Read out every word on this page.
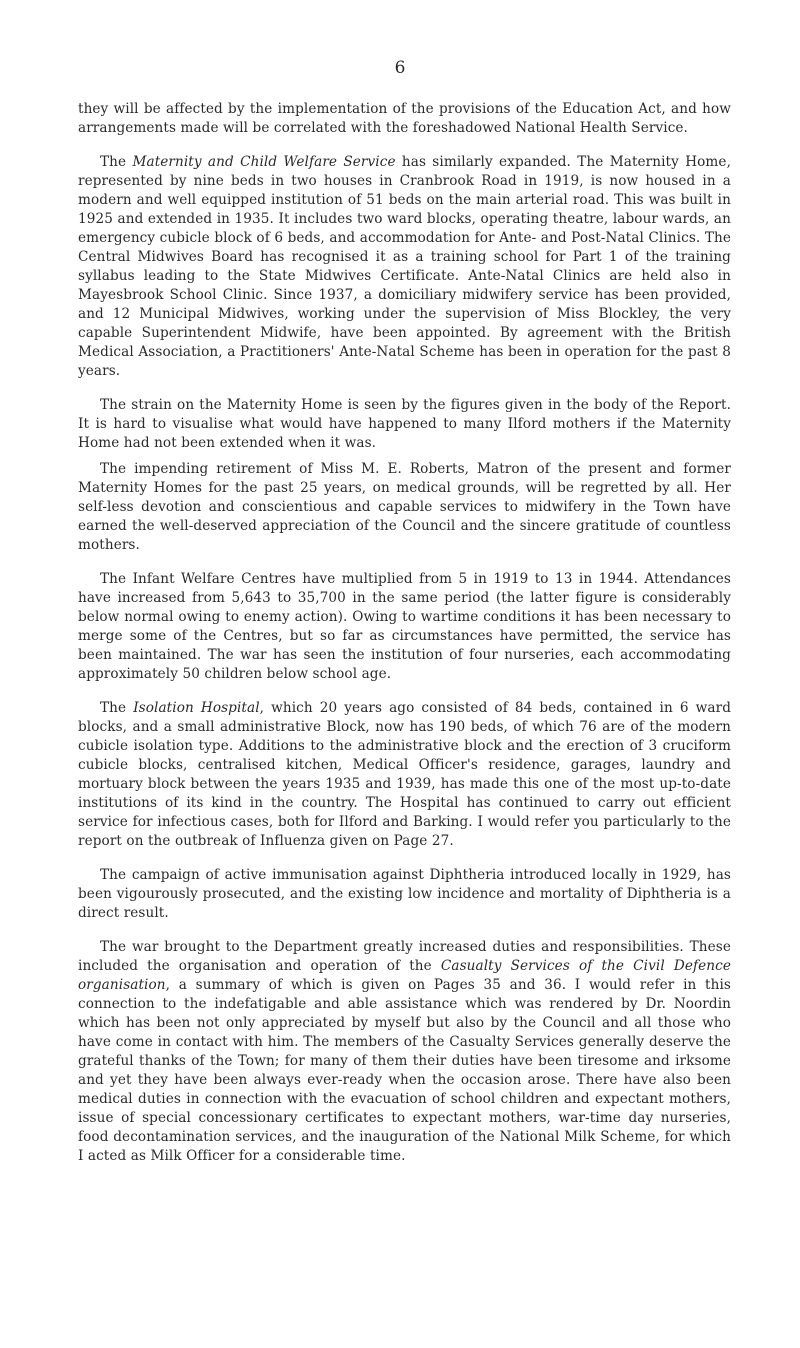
6

they will be affected by the implementation of the provisions of the Education Act, and how arrangements made will be correlated with the foreshadowed National Health Service.

The Maternity and Child Welfare Service has similarly expanded. The Maternity Home, represented by nine beds in two houses in Cranbrook Road in 1919, is now housed in a modern and well equipped institution of 51 beds on the main arterial road. This was built in 1925 and extended in 1935. It includes two ward blocks, operating theatre, labour wards, an emergency cubicle block of 6 beds, and accommodation for Ante- and Post-Natal Clinics. The Central Midwives Board has recognised it as a training school for Part 1 of the training syllabus leading to the State Midwives Certificate. Ante-Natal Clinics are held also in Mayesbrook School Clinic. Since 1937, a domiciliary midwifery service has been provided, and 12 Municipal Midwives, working under the supervision of Miss Blockley, the very capable Superintendent Midwife, have been appointed. By agreement with the British Medical Association, a Practitioners' Ante-Natal Scheme has been in operation for the past 8 years.

The strain on the Maternity Home is seen by the figures given in the body of the Report. It is hard to visualise what would have happened to many Ilford mothers if the Maternity Home had not been extended when it was.

The impending retirement of Miss M. E. Roberts, Matron of the present and former Maternity Homes for the past 25 years, on medical grounds, will be regretted by all. Her self-less devotion and conscientious and capable services to midwifery in the Town have earned the well-deserved appreciation of the Council and the sincere gratitude of countless mothers.

The Infant Welfare Centres have multiplied from 5 in 1919 to 13 in 1944. Attendances have increased from 5,643 to 35,700 in the same period (the latter figure is considerably below normal owing to enemy action). Owing to wartime conditions it has been necessary to merge some of the Centres, but so far as circumstances have permitted, the service has been maintained. The war has seen the institution of four nurseries, each accommodating approximately 50 children below school age.

The Isolation Hospital, which 20 years ago consisted of 84 beds, contained in 6 ward blocks, and a small administrative Block, now has 190 beds, of which 76 are of the modern cubicle isolation type. Additions to the administrative block and the erection of 3 cruciform cubicle blocks, centralised kitchen, Medical Officer's residence, garages, laundry and mortuary block between the years 1935 and 1939, has made this one of the most up-to-date institutions of its kind in the country. The Hospital has continued to carry out efficient service for infectious cases, both for Ilford and Barking. I would refer you particularly to the report on the outbreak of Influenza given on Page 27.

The campaign of active immunisation against Diphtheria introduced locally in 1929, has been vigourously prosecuted, and the existing low incidence and mortality of Diphtheria is a direct result.

The war brought to the Department greatly increased duties and responsibilities. These included the organisation and operation of the Casualty Services of the Civil Defence organisation, a summary of which is given on Pages 35 and 36. I would refer in this connection to the indefatigable and able assistance which was rendered by Dr. Noordin which has been not only appreciated by myself but also by the Council and all those who have come in contact with him. The members of the Casualty Services generally deserve the grateful thanks of the Town; for many of them their duties have been tiresome and irksome and yet they have been always ever-ready when the occasion arose. There have also been medical duties in connection with the evacuation of school children and expectant mothers, issue of special concessionary certificates to expectant mothers, war-time day nurseries, food decontamination services, and the inauguration of the National Milk Scheme, for which I acted as Milk Officer for a considerable time.
